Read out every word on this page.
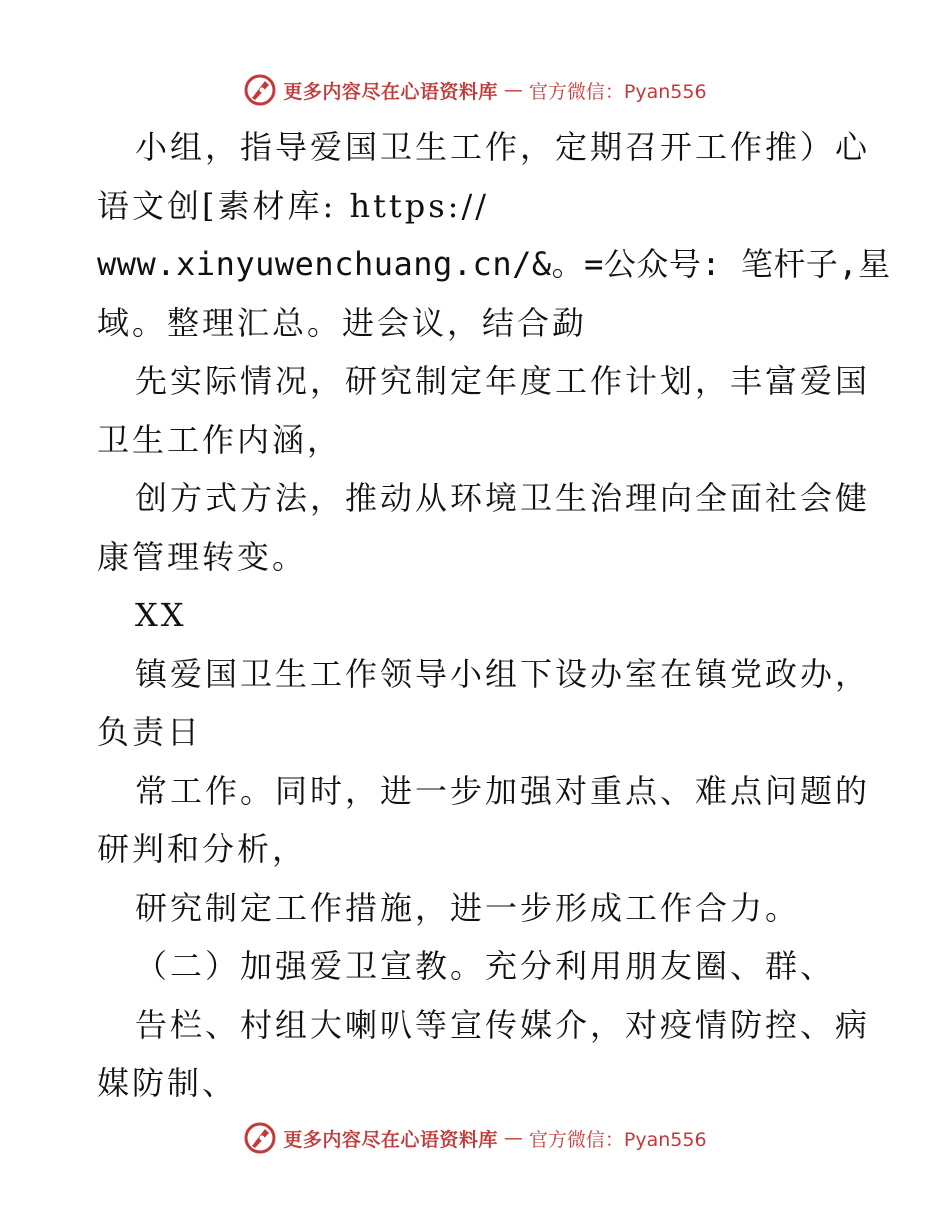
更多内容尽在心语资料库 — 官方微信：Pyan556
小组，指导爱国卫生工作，定期召开工作推）心
语文创[素材库: https://
www.xinyuwenchuang.cn/&。=公众号: 笔杆子,星
域。整理汇总。进会议，结合勐
先实际情况，研究制定年度工作计划，丰富爱国
卫生工作内涵，
创方式方法，推动从环境卫生治理向全面社会健
康管理转变。
XX
镇爱国卫生工作领导小组下设办室在镇党政办，
负责日
常工作。同时，进一步加强对重点、难点问题的
研判和分析，
研究制定工作措施，进一步形成工作合力。
（二）加强爱卫宣教。充分利用朋友圈、群、
告栏、村组大喇叭等宣传媒介，对疫情防控、病
媒防制、
更多内容尽在心语资料库 — 官方微信：Pyan556
